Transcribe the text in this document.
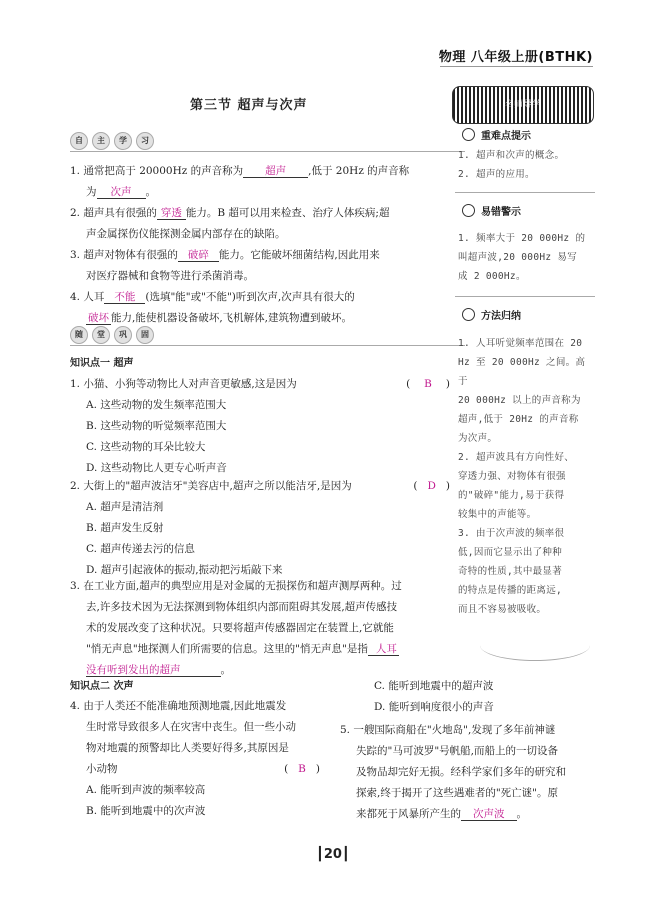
物理 八年级上册(BTHK)
名师导学
第三节 超声与次声
自	主	学	习
1. 通常把高于 20000Hz 的声音称为 超声 ,低于 20Hz 的声音称
为 次声 。
2. 超声具有很强的 穿透 能力。B 超可以用来检查、治疗人体疾病;超
声金属探伤仪能探测金属内部存在的缺陷。
3. 超声对物体有很强的 破碎 能力。它能破坏细菌结构,因此用来
对医疗器械和食物等进行杀菌消毒。
4. 人耳 不能 (选填"能"或"不能")听到次声,次声具有很大的
破坏 能力,能使机器设备破坏,飞机解体,建筑物遭到破坏。
随	堂	巩	固
知识点一 超声
1. 小猫、小狗等动物比人对声音更敏感,这是因为	( B )
A. 这些动物的发生频率范围大
B. 这些动物的听觉频率范围大
C. 这些动物的耳朵比较大
D. 这些动物比人更专心听声音
2. 大街上的"超声波洁牙"美容店中,超声之所以能洁牙,是因为	( D )
A. 超声是清洁剂
B. 超声发生反射
C. 超声传递去污的信息
D. 超声引起液体的振动,振动把污垢敲下来
3. 在工业方面,超声的典型应用是对金属的无损探伤和超声测厚两种。过
去,许多技术因为无法探测到物体组织内部而阻碍其发展,超声传感技
术的发展改变了这种状况。只要将超声传感器固定在装置上,它就能
"悄无声息"地探测人们所需要的信息。这里的"悄无声息"是指 人耳
没有听到发出的超声	。
知识点二 次声
4. 由于人类还不能准确地预测地震,因此地震发
生时常导致很多人在灾害中丧生。但一些小动
物对地震的预警却比人类要好得多,其原因是
小动物	( B )
A. 能听到声波的频率较高
B. 能听到地震中的次声波
C. 能听到地震中的超声波
D. 能听到响度很小的声音
5. 一艘国际商船在"火地岛",发现了多年前神谜
失踪的"马可波罗"号帆船,而船上的一切设备
及物品却完好无损。经科学家们多年的研究和
探索,终于揭开了这些遇难者的"死亡谜"。原
来都死于风暴所产生的 次声波 。
重难点提示
1. 超声和次声的概念。
2. 超声的应用。
易错警示
1. 频率大于 20 000Hz 的
叫超声波,20 000Hz 易写
成 2 000Hz。
方法归纳
1. 人耳听觉频率范围在 20
Hz 至 20 000Hz 之间。高于
20 000Hz 以上的声音称为
超声,低于 20Hz 的声音称
为次声。
2. 超声波具有方向性好、
穿透力强、对物体有很强
的"破碎"能力,易于获得
较集中的声能等。
3. 由于次声波的频率很
低,因而它显示出了种种
奇特的性质,其中最显著
的特点是传播的距离远,
而且不容易被吸收。
┃20┃
